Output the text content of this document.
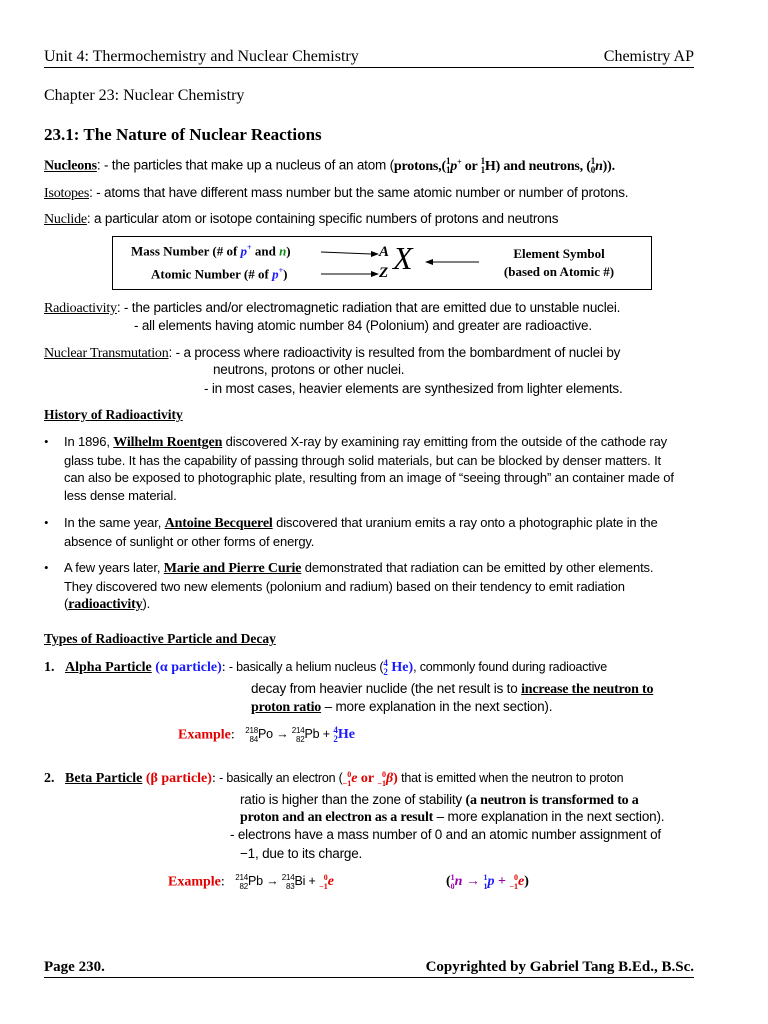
Unit 4: Thermochemistry and Nuclear Chemistry	Chemistry AP
Chapter 23: Nuclear Chemistry
23.1: The Nature of Nuclear Reactions
Nucleons: - the particles that make up a nucleus of an atom (protons,( 1
1 p+ or 1
1 H) and neutrons, ( 1
0 n)).
Isotopes: - atoms that have different mass number but the same atomic number or number of protons.
Nuclide: a particular atom or isotope containing specific numbers of protons and neutrons
Mass Number (# of p+ and n)
Atomic Number (# of p+)
A
Z X	Element Symbol
(based on Atomic #)
Radioactivity: - the particles and/or electromagnetic radiation that are emitted due to unstable nuclei.
- all elements having atomic number 84 (Polonium) and greater are radioactive.
Nuclear Transmutation: - a process where radioactivity is resulted from the bombardment of nuclei by
neutrons, protons or other nuclei.
- in most cases, heavier elements are synthesized from lighter elements.
History of Radioactivity
•	In 1896, Wilhelm Roentgen discovered X-ray by examining ray emitting from the outside of the cathode ray glass tube. It has the capability of passing through solid materials, but can be blocked by denser matters. It can also be exposed to photographic plate, resulting from an image of “seeing through” an container made of less dense material.
•	In the same year, Antoine Becquerel discovered that uranium emits a ray onto a photographic plate in the absence of sunlight or other forms of energy.
•	A few years later, Marie and Pierre Curie demonstrated that radiation can be emitted by other elements. They discovered two new elements (polonium and radium) based on their tendency to emit radiation (radioactivity).
Types of Radioactive Particle and Decay
1. Alpha Particle (α particle): - basically a helium nucleus ( 4
2 He), commonly found during radioactive
decay from heavier nuclide (the net result is to increase the neutron to
proton ratio – more explanation in the next section).
Example: 218
84 Po → 214
82 Pb + 4
2 He
2. Beta Particle (β particle): - basically an electron ( 0
−1 e or 0
−1 β) that is emitted when the neutron to proton
ratio is higher than the zone of stability (a neutron is transformed to a
proton and an electron as a result – more explanation in the next section).
- electrons have a mass number of 0 and an atomic number assignment of
−1, due to its charge.
Example: 214
82 Pb → 214
83 Bi +	0
−1 e	( 1
0 n → 1
1 p +	0
−1 e)
Page 230.	Copyrighted by Gabriel Tang B.Ed., B.Sc.
